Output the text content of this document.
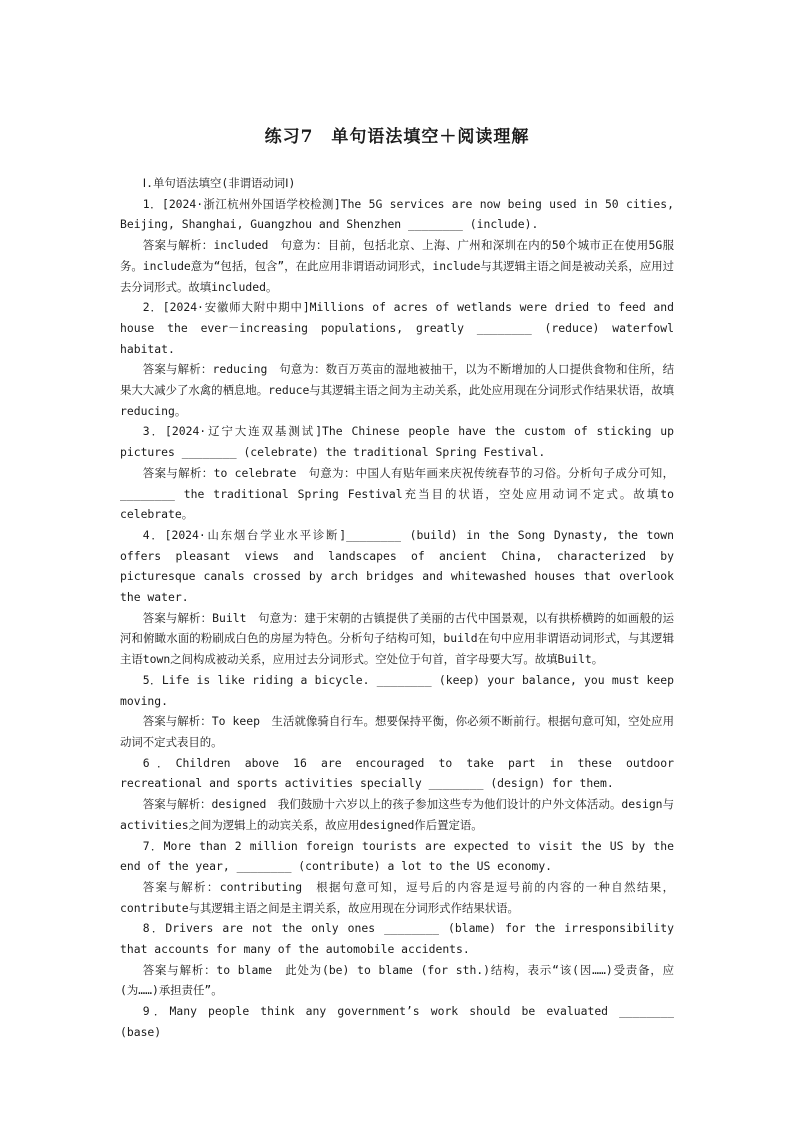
练习7　单句语法填空＋阅读理解

Ⅰ.单句语法填空(非谓语动词Ⅰ)

1．[2024·浙江杭州外国语学校检测]The 5G services are now being used in 50 cities, Beijing, Shanghai, Guangzhou and Shenzhen ________ (include).

答案与解析：included　句意为：目前，包括北京、上海、广州和深圳在内的50个城市正在使用5G服务。include意为“包括，包含”，在此应用非谓语动词形式，include与其逻辑主语之间是被动关系，应用过去分词形式。故填included。

2．[2024·安徽师大附中期中]Millions of acres of wetlands were dried to feed and house the ever－increasing populations, greatly ________ (reduce) waterfowl habitat.

答案与解析：reducing　句意为：数百万英亩的湿地被抽干，以为不断增加的人口提供食物和住所，结果大大减少了水禽的栖息地。reduce与其逻辑主语之间为主动关系，此处应用现在分词形式作结果状语，故填reducing。

3．[2024·辽宁大连双基测试]The Chinese people have the custom of sticking up pictures ________ (celebrate) the traditional Spring Festival.

答案与解析：to celebrate　句意为：中国人有贴年画来庆祝传统春节的习俗。分析句子成分可知，________ the traditional Spring Festival充当目的状语，空处应用动词不定式。故填to celebrate。

4．[2024·山东烟台学业水平诊断]________ (build) in the Song Dynasty, the town offers pleasant views and landscapes of ancient China, characterized by picturesque canals crossed by arch bridges and whitewashed houses that overlook the water.

答案与解析：Built　句意为：建于宋朝的古镇提供了美丽的古代中国景观，以有拱桥横跨的如画般的运河和俯瞰水面的粉刷成白色的房屋为特色。分析句子结构可知，build在句中应用非谓语动词形式，与其逻辑主语town之间构成被动关系，应用过去分词形式。空处位于句首，首字母要大写。故填Built。

5．Life is like riding a bicycle. ________ (keep) your balance, you must keep moving.

答案与解析：To keep　生活就像骑自行车。想要保持平衡，你必须不断前行。根据句意可知，空处应用动词不定式表目的。

6．Children above 16 are encouraged to take part in these outdoor recreational and sports activities specially ________ (design) for them.

答案与解析：designed　我们鼓励十六岁以上的孩子参加这些专为他们设计的户外文体活动。design与activities之间为逻辑上的动宾关系，故应用designed作后置定语。

7．More than 2 million foreign tourists are expected to visit the US by the end of the year, ________ (contribute) a lot to the US economy.

答案与解析：contributing　根据句意可知，逗号后的内容是逗号前的内容的一种自然结果，contribute与其逻辑主语之间是主谓关系，故应用现在分词形式作结果状语。

8．Drivers are not the only ones ________ (blame) for the irresponsibility that accounts for many of the automobile accidents.

答案与解析：to blame　此处为(be) to blame (for sth.)结构，表示“该(因……)受责备，应(为……)承担责任”。

9．Many people think any government’s work should be evaluated ________ (base)
